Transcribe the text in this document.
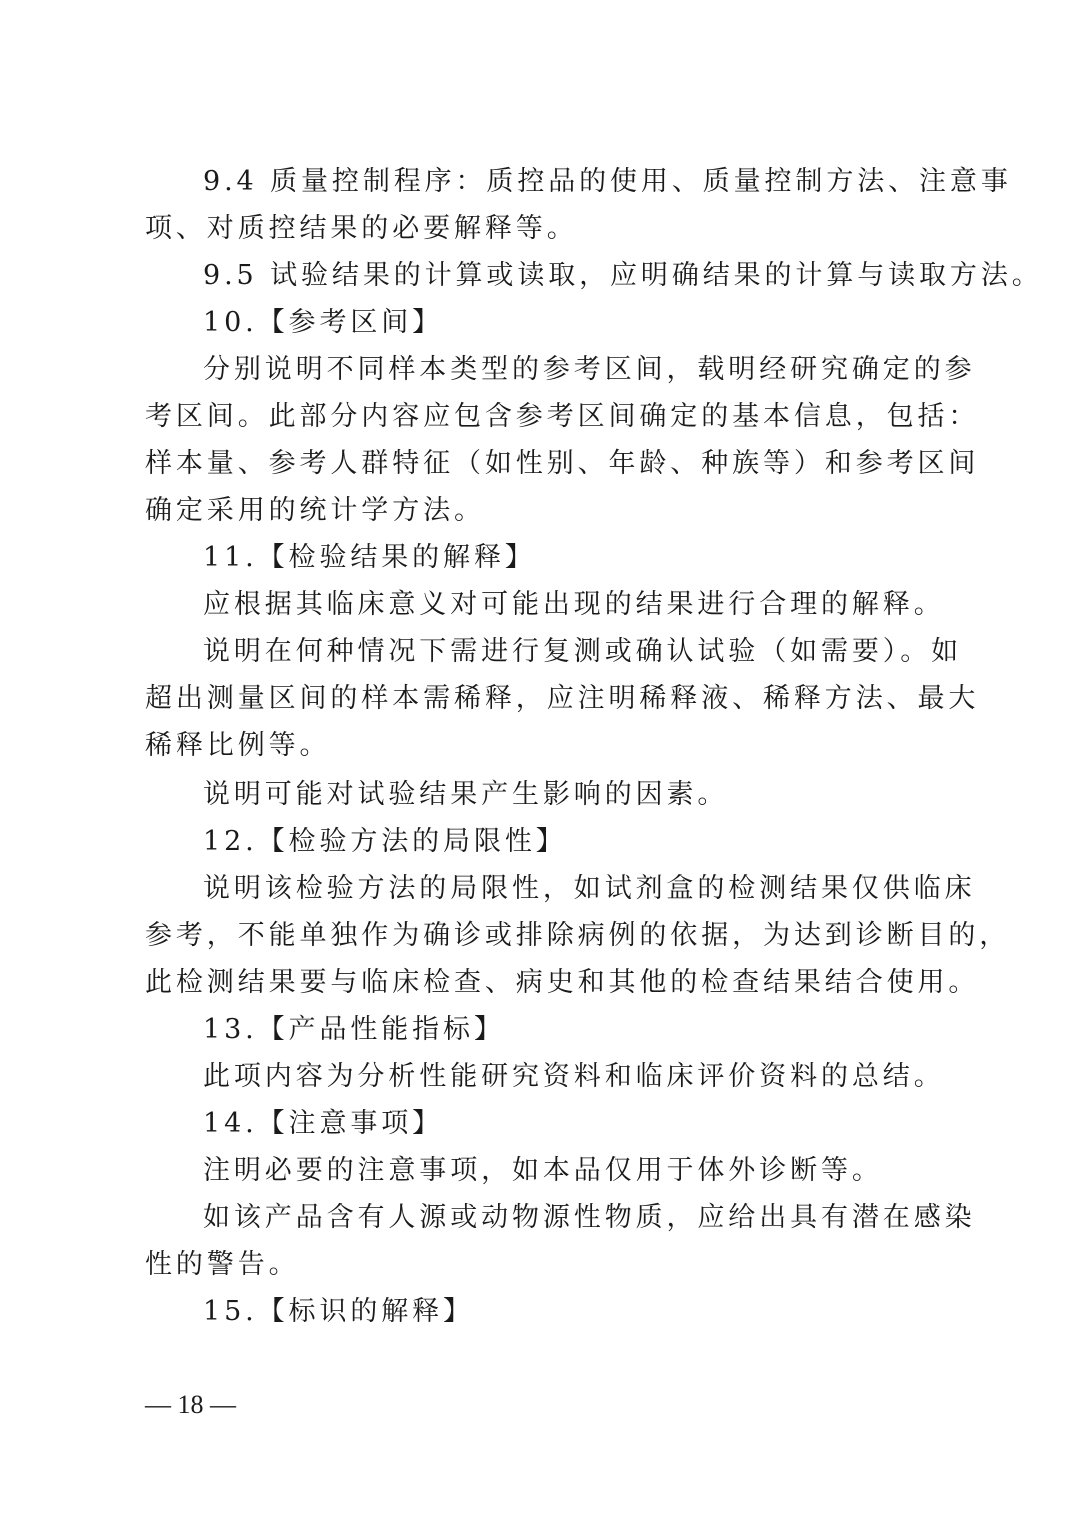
9.4 质量控制程序：质控品的使用、质量控制方法、注意事
项、对质控结果的必要解释等。
9.5 试验结果的计算或读取，应明确结果的计算与读取方法。
10.【参考区间】
分别说明不同样本类型的参考区间，载明经研究确定的参
考区间。此部分内容应包含参考区间确定的基本信息，包括：
样本量、参考人群特征（如性别、年龄、种族等）和参考区间
确定采用的统计学方法。
11.【检验结果的解释】
应根据其临床意义对可能出现的结果进行合理的解释。
说明在何种情况下需进行复测或确认试验（如需要）。如
超出测量区间的样本需稀释，应注明稀释液、稀释方法、最大
稀释比例等。
说明可能对试验结果产生影响的因素。
12.【检验方法的局限性】
说明该检验方法的局限性，如试剂盒的检测结果仅供临床
参考，不能单独作为确诊或排除病例的依据，为达到诊断目的，
此检测结果要与临床检查、病史和其他的检查结果结合使用。
13.【产品性能指标】
此项内容为分析性能研究资料和临床评价资料的总结。
14.【注意事项】
注明必要的注意事项，如本品仅用于体外诊断等。
如该产品含有人源或动物源性物质，应给出具有潜在感染
性的警告。
15.【标识的解释】
— 18 —
